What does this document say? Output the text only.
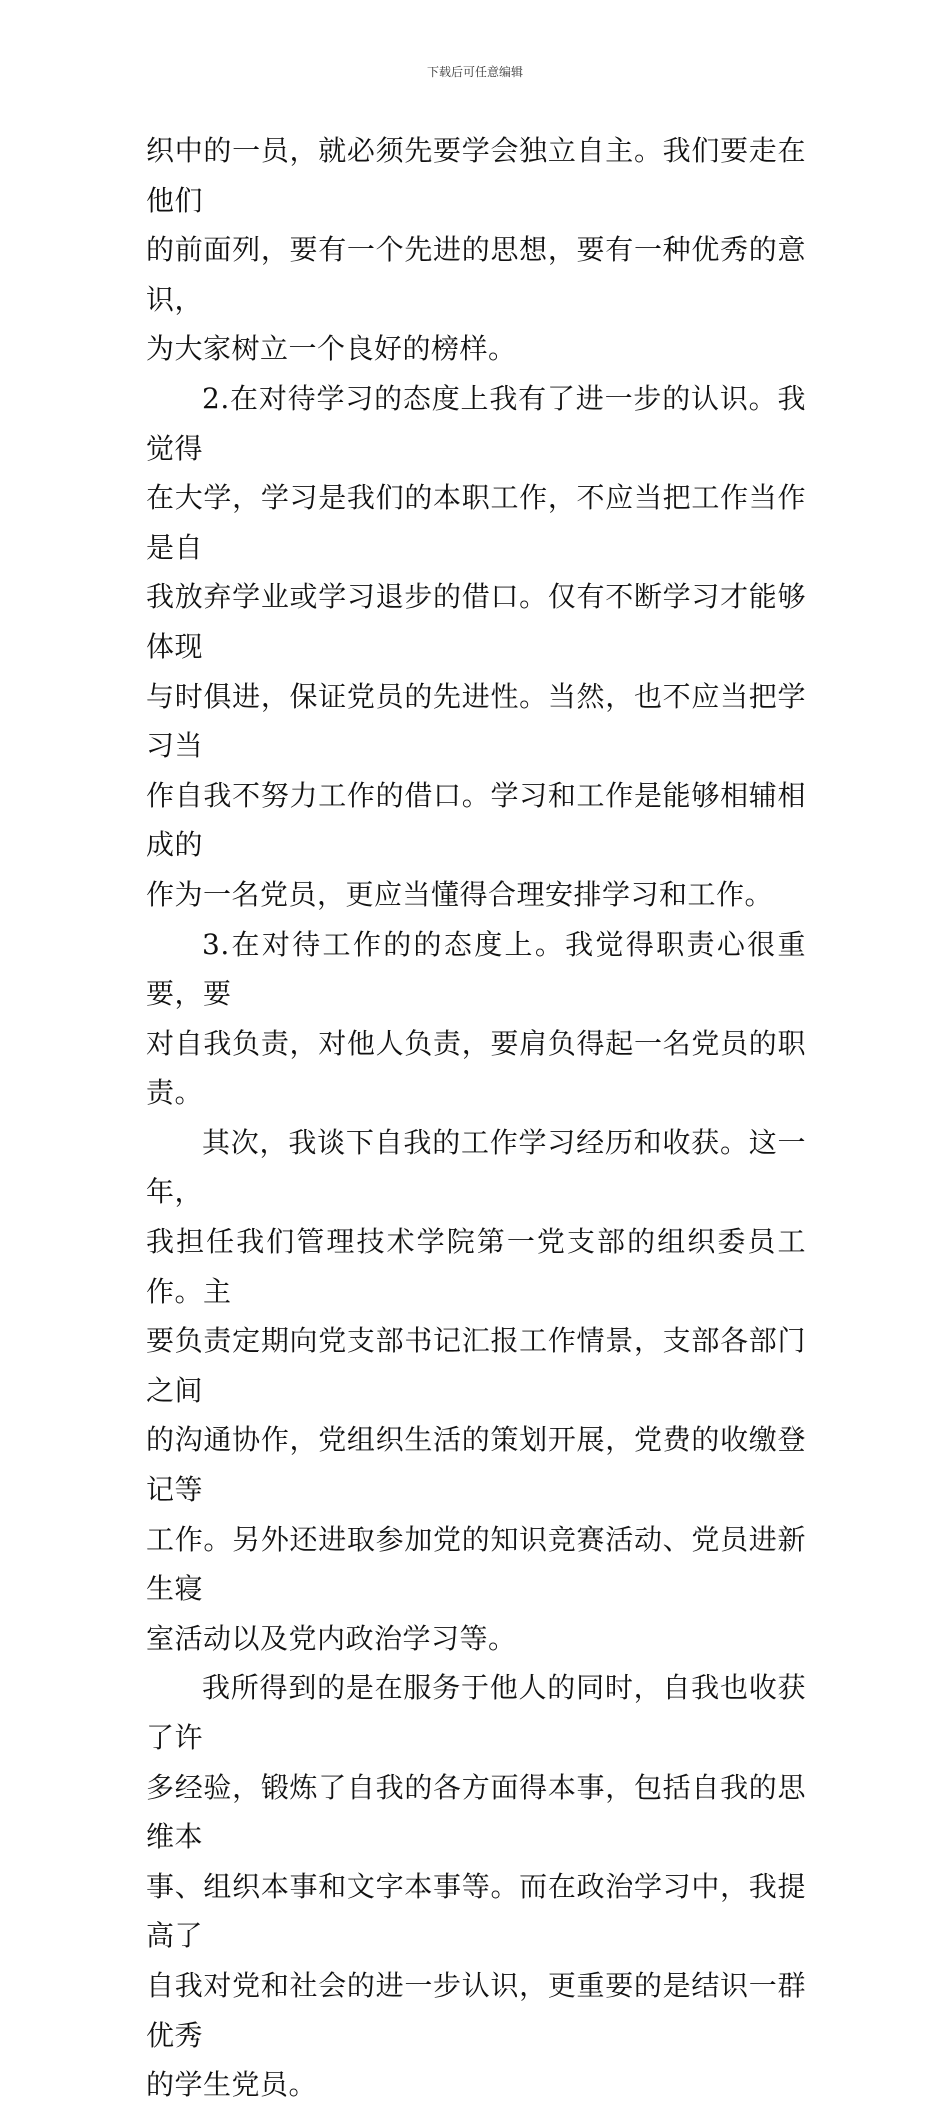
下载后可任意编辑
织中的一员，就必须先要学会独立自主。我们要走在他们
的前面列，要有一个先进的思想，要有一种优秀的意识，
为大家树立一个良好的榜样。
2.在对待学习的态度上我有了进一步的认识。我觉得
在大学，学习是我们的本职工作，不应当把工作当作是自
我放弃学业或学习退步的借口。仅有不断学习才能够体现
与时俱进，保证党员的先进性。当然，也不应当把学习当
作自我不努力工作的借口。学习和工作是能够相辅相成的
作为一名党员，更应当懂得合理安排学习和工作。
3.在对待工作的的态度上。我觉得职责心很重要，要
对自我负责，对他人负责，要肩负得起一名党员的职责。
其次，我谈下自我的工作学习经历和收获。这一年，
我担任我们管理技术学院第一党支部的组织委员工作。主
要负责定期向党支部书记汇报工作情景，支部各部门之间
的沟通协作，党组织生活的策划开展，党费的收缴登记等
工作。另外还进取参加党的知识竞赛活动、党员进新生寝
室活动以及党内政治学习等。
我所得到的是在服务于他人的同时，自我也收获了许
多经验，锻炼了自我的各方面得本事，包括自我的思维本
事、组织本事和文字本事等。而在政治学习中，我提高了
自我对党和社会的进一步认识，更重要的是结识一群优秀
的学生党员。
